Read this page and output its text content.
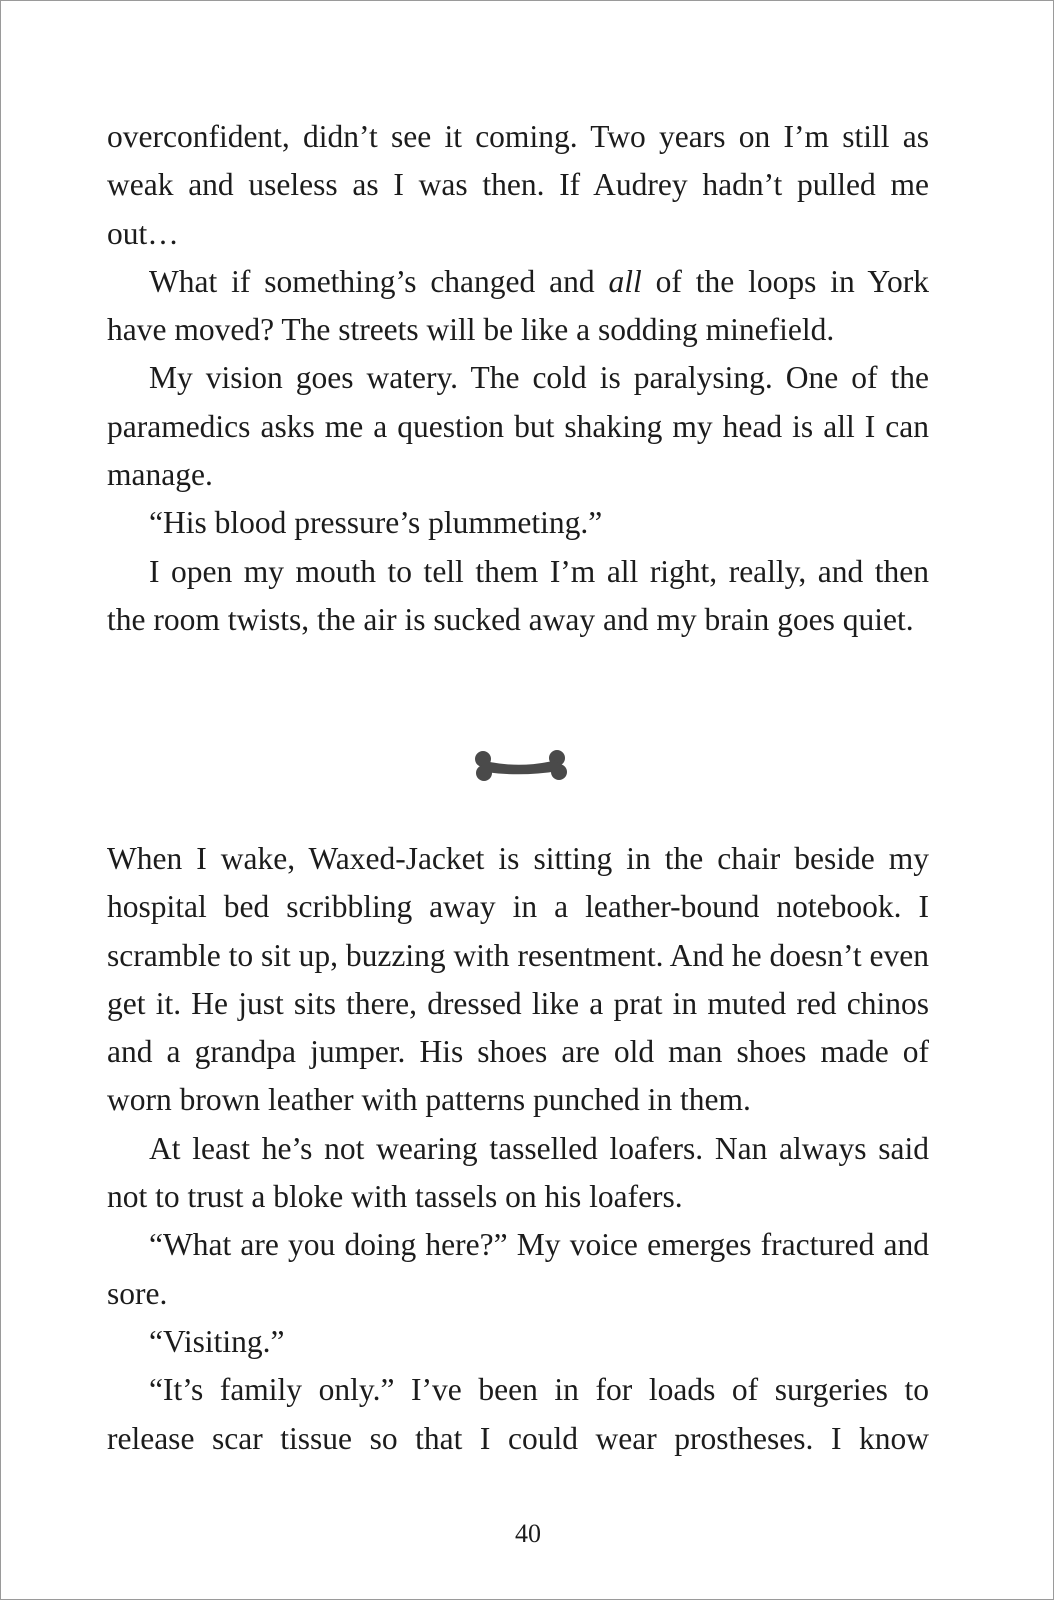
overconfident, didn’t see it coming. Two years on I’m still as weak and useless as I was then. If Audrey hadn’t pulled me out…

What if something’s changed and all of the loops in York have moved? The streets will be like a sodding minefield.

My vision goes watery. The cold is paralysing. One of the paramedics asks me a question but shaking my head is all I can manage.

“His blood pressure’s plummeting.”

I open my mouth to tell them I’m all right, really, and then the room twists, the air is sucked away and my brain goes quiet.

When I wake, Waxed-Jacket is sitting in the chair beside my hospital bed scribbling away in a leather-bound notebook. I scramble to sit up, buzzing with resentment. And he doesn’t even get it. He just sits there, dressed like a prat in muted red chinos and a grandpa jumper. His shoes are old man shoes made of worn brown leather with patterns punched in them.

At least he’s not wearing tasselled loafers. Nan always said not to trust a bloke with tassels on his loafers.

“What are you doing here?” My voice emerges fractured and sore.

“Visiting.”

“It’s family only.” I’ve been in for loads of surgeries to release scar tissue so that I could wear prostheses. I know

40
